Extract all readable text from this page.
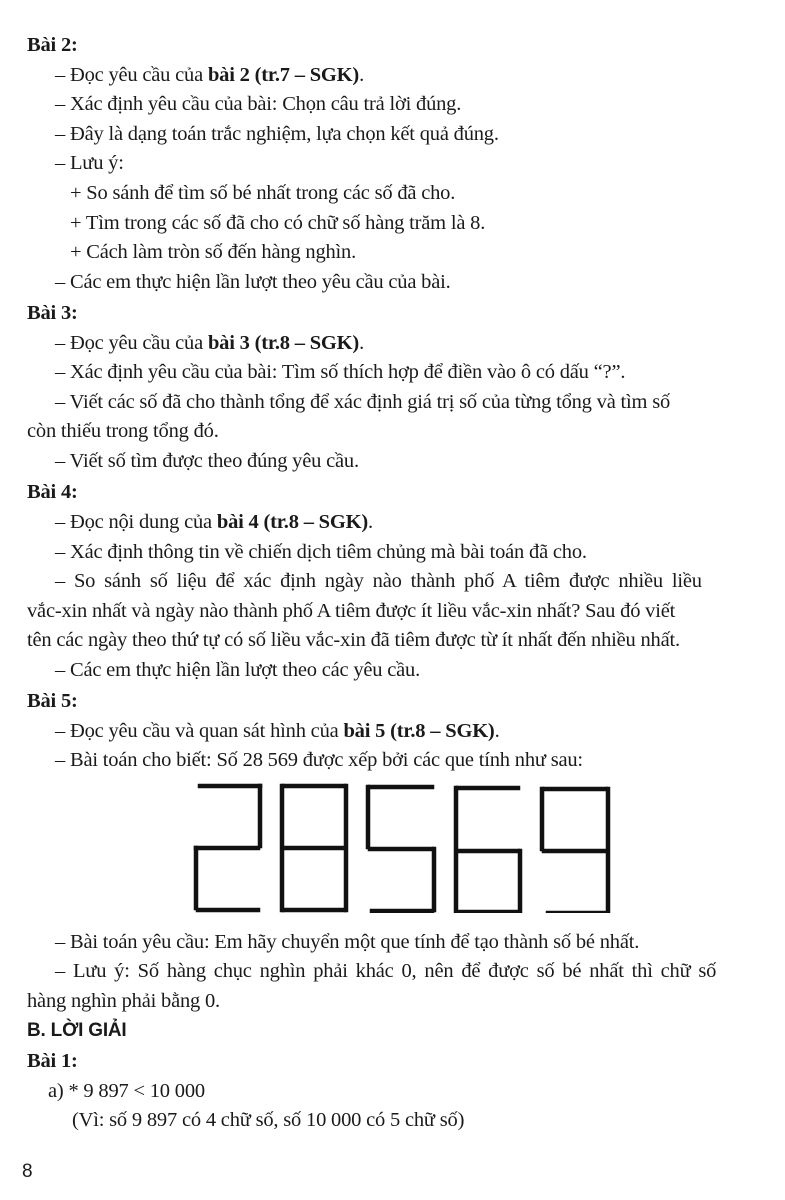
Bài 2:
– Đọc yêu cầu của bài 2 (tr.7 – SGK).
– Xác định yêu cầu của bài: Chọn câu trả lời đúng.
– Đây là dạng toán trắc nghiệm, lựa chọn kết quả đúng.
– Lưu ý:
+ So sánh để tìm số bé nhất trong các số đã cho.
+ Tìm trong các số đã cho có chữ số hàng trăm là 8.
+ Cách làm tròn số đến hàng nghìn.
– Các em thực hiện lần lượt theo yêu cầu của bài.
Bài 3:
– Đọc yêu cầu của bài 3 (tr.8 – SGK).
– Xác định yêu cầu của bài: Tìm số thích hợp để điền vào ô có dấu “?”.
– Viết các số đã cho thành tổng để xác định giá trị số của từng tổng và tìm số
còn thiếu trong tổng đó.
– Viết số tìm được theo đúng yêu cầu.
Bài 4:
– Đọc nội dung của bài 4 (tr.8 – SGK).
– Xác định thông tin về chiến dịch tiêm chủng mà bài toán đã cho.
– So sánh số liệu để xác định ngày nào thành phố A tiêm được nhiều liều
vắc-xin nhất và ngày nào thành phố A tiêm được ít liều vắc-xin nhất? Sau đó viết
tên các ngày theo thứ tự có số liều vắc-xin đã tiêm được từ ít nhất đến nhiều nhất.
– Các em thực hiện lần lượt theo các yêu cầu.
Bài 5:
– Đọc yêu cầu và quan sát hình của bài 5 (tr.8 – SGK).
– Bài toán cho biết: Số 28 569 được xếp bởi các que tính như sau:
– Bài toán yêu cầu: Em hãy chuyển một que tính để tạo thành số bé nhất.
– Lưu ý: Số hàng chục nghìn phải khác 0, nên để được số bé nhất thì chữ số
hàng nghìn phải bằng 0.
B. LỜI GIẢI
Bài 1:
a) * 9 897 < 10 000
(Vì: số 9 897 có 4 chữ số, số 10 000 có 5 chữ số)
8
